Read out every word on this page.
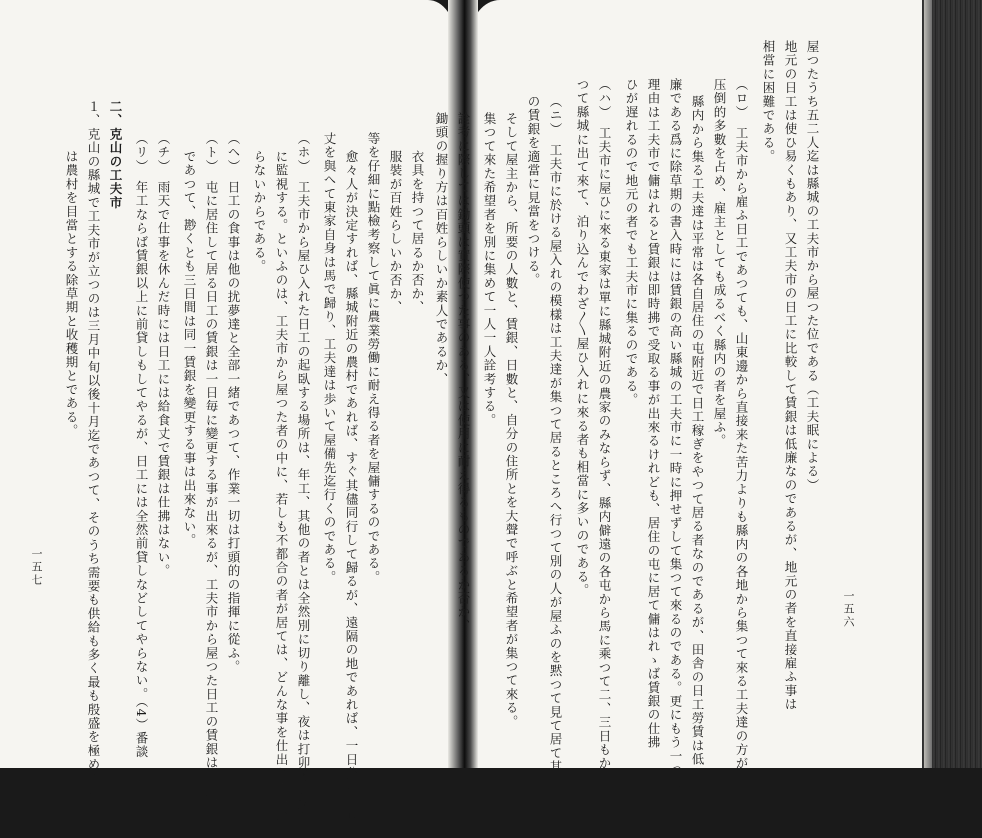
一五六
一五七
屋つたうち五二人迄は縣城の工夫市から屋つた位である（工夫眠による）
地元の日工は使ひ易くもあり、又工夫市の日工に比較して賃銀は低廉なのであるが、地元の者を直接雇ふ事は
相當に困難である。
（ロ）　工夫市から雇ふ日工であつても、山東邊から直接来た苦力よりも縣内の各地から集つて來る工夫達の方が
压倒的多數を占め、雇主としても成るべく縣内の者を屋ふ。
縣内から集る工夫達は平常は各自居住の屯附近で日工稼ぎをやつて居る者なのであるが、田舎の日工勞賃は低
廉である爲に除草期の書入時には賃銀の高い縣城の工夫市に一時に押せずして集つて來るのである。更にもう一つの
理由は工夫市で傭はれると賃銀は即時拂で受取る事が出來るけれども、居住の屯に居て傭はれゝば賃銀の仕拂
ひが遅れるので地元の者でも工夫市に集るのである。
（ハ）　工夫市に屋ひに來る東家は單に縣城附近の農家のみならず、縣内僻遠の各屯から馬に乘つて二、三日もか
つて縣城に出て來て、泊り込んでわざ〳〵屋ひ入れに來る者も相當に多いのである。
（ニ）　工夫市に於ける屋入れの模樣は工夫達が集つて居るところへ行つて別の人が屋ふのを黙つて見て居て其日
の賃銀を適當に見當をつける。
そして屋主から、所要の人數と、賃銀、日數と、自分の住所とを大聲で呼ぶと希望者が集つて來る。
集つて來た希望者を別に集めて一人一人詮考する。
詮考に際しては鋤頭は實際使つた事のある、又は使用に耐え得るものであるか否か、
鋤頭の握り方は百姓らしいか素人であるか、
衣具を持つて居るか否か、
服裝が百姓らしいか否か、
等を仔細に點檢考察して眞に農業勞働に耐え得る者を屋傭するのである。
愈々人が決定すれば、縣城附近の農村であれば、すぐ其儘同行して歸るが、遠隔の地であれば、一日分の賃銀
丈を與へて東家自身は馬で歸り、工夫達は歩いて屋備先迄行くのである。
（ホ）　工夫市から屋ひ入れた日工の起臥する場所は、年工、其他の者とは全然別に切り離し、夜は打卯的が嚴重
に監視する。といふのは、工夫市から屋つた者の中に、若しも不都合の者が居ては、どんな事を仕出かすか分
らないからである。
（ヘ）　日工の食事は他の扰夢達と全部一緒であつて、作業一切は打頭的の指揮に從ふ。
（ト）　屯に居住して居る日工の賃銀は一日毎に變更する事が出來るが、工夫市から屋つた日工の賃銀は三天、一市
であつて、尠くとも三日間は同一賃銀を變更する事は出來ない。
（チ）　雨天で仕事を休んだ時には日工には給食丈で賃銀は仕拂はない。
（リ）　年工ならば賃銀以上に前貸しもしてやるが、日工には全然前貸しなどしてやらない。（4）番談
二、克山の工夫市
１、克山の縣城で工夫市が立つのは三月中旬以後十月迄であつて、そのうち需要も供給も多く最も殷盛を極めるの
は農村を目當とする除草期と收穫期とである。
